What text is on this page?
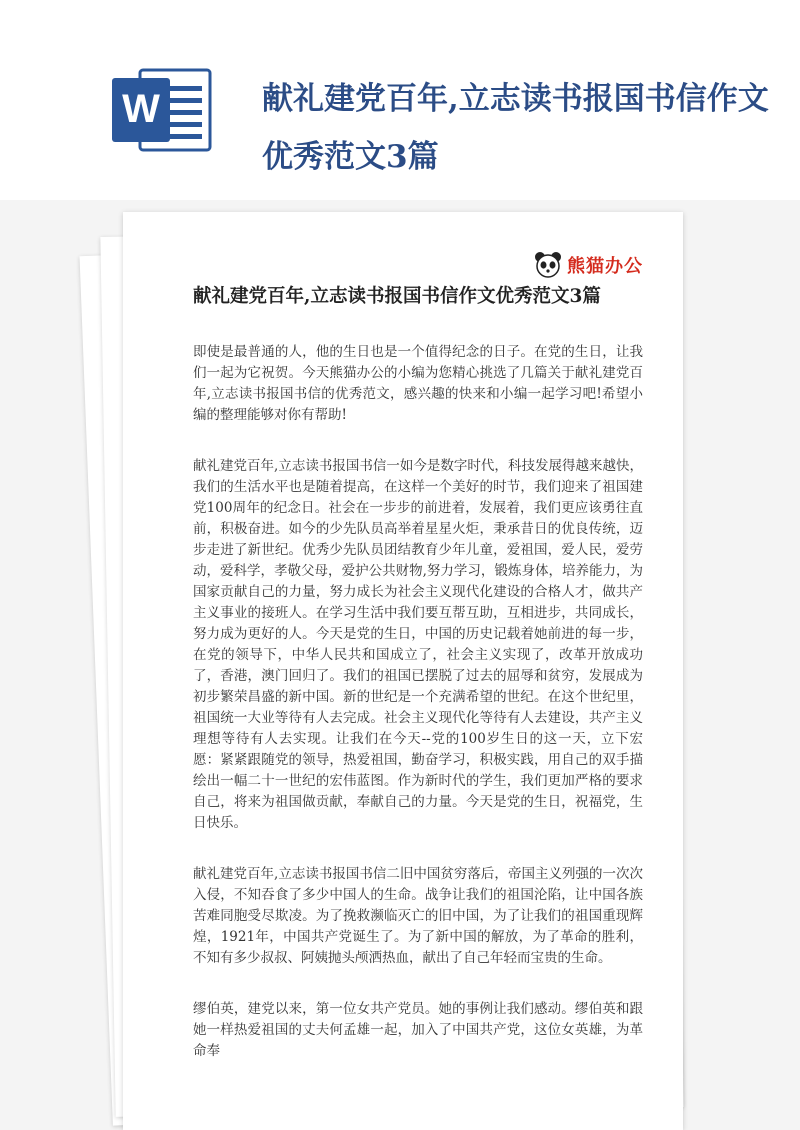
W	献礼建党百年,立志读书报国书信作文优秀范文3篇
熊猫办公
献礼建党百年,立志读书报国书信作文优秀范文3篇

即使是最普通的人，他的生日也是一个值得纪念的日子。在党的生日，让我们一起为它祝贺。今天熊猫办公的小编为您精心挑选了几篇关于献礼建党百年,立志读书报国书信的优秀范文，感兴趣的快来和小编一起学习吧!希望小编的整理能够对你有帮助!

献礼建党百年,立志读书报国书信一如今是数字时代，科技发展得越来越快，我们的生活水平也是随着提高，在这样一个美好的时节，我们迎来了祖国建党100周年的纪念日。社会在一步步的前进着，发展着，我们更应该勇往直前，积极奋进。如今的少先队员高举着星星火炬，秉承昔日的优良传统，迈步走进了新世纪。优秀少先队员团结教育少年儿童，爱祖国，爱人民，爱劳动，爱科学，孝敬父母，爱护公共财物,努力学习，锻炼身体，培养能力，为国家贡献自己的力量，努力成长为社会主义现代化建设的合格人才，做共产主义事业的接班人。在学习生活中我们要互帮互助，互相进步，共同成长，努力成为更好的人。今天是党的生日，中国的历史记载着她前进的每一步，在党的领导下，中华人民共和国成立了，社会主义实现了，改革开放成功了，香港，澳门回归了。我们的祖国已摆脱了过去的屈辱和贫穷，发展成为初步繁荣昌盛的新中国。新的世纪是一个充满希望的世纪。在这个世纪里，祖国统一大业等待有人去完成。社会主义现代化等待有人去建设，共产主义理想等待有人去实现。让我们在今天--党的100岁生日的这一天，立下宏愿：紧紧跟随党的领导，热爱祖国，勤奋学习，积极实践，用自己的双手描绘出一幅二十一世纪的宏伟蓝图。作为新时代的学生，我们更加严格的要求自己，将来为祖国做贡献，奉献自己的力量。今天是党的生日，祝福党，生日快乐。

献礼建党百年,立志读书报国书信二旧中国贫穷落后，帝国主义列强的一次次入侵，不知吞食了多少中国人的生命。战争让我们的祖国沦陷，让中国各族苦难同胞受尽欺凌。为了挽救濒临灭亡的旧中国，为了让我们的祖国重现辉煌，1921年，中国共产党诞生了。为了新中国的解放，为了革命的胜利，不知有多少叔叔、阿姨抛头颅洒热血，献出了自己年轻而宝贵的生命。

缪伯英，建党以来，第一位女共产党员。她的事例让我们感动。缪伯英和跟她一样热爱祖国的丈夫何孟雄一起，加入了中国共产党，这位女英雄，为革命奉
